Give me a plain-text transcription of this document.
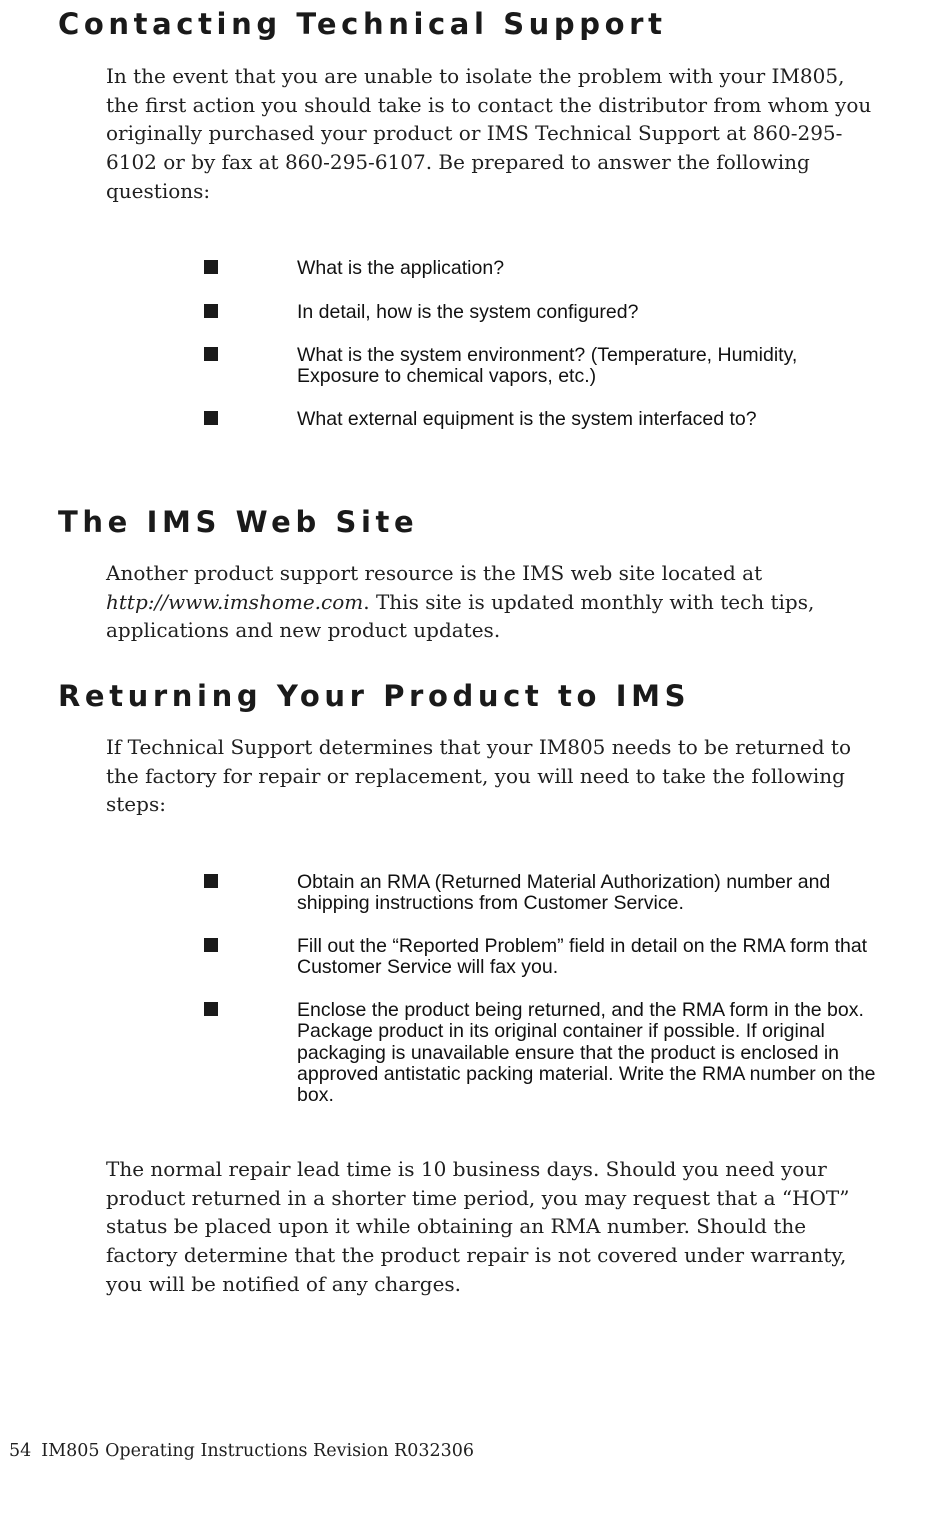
Contacting Technical Support

In the event that you are unable to isolate the problem with your IM805, the first action you should take is to contact the distributor from whom you originally purchased your product or IMS Technical Support at 860-295-6102 or by fax at 860-295-6107. Be prepared to answer the following questions:

What is the application?

In detail, how is the system configured?

What is the system environment? (Temperature, Humidity, Exposure to chemical vapors, etc.)

What external equipment is the system interfaced to?

The IMS Web Site

Another product support resource is the IMS web site located at http://www.imshome.com. This site is updated monthly with tech tips, applications and new product updates.

Returning Your Product to IMS

If Technical Support determines that your IM805 needs to be returned to the factory for repair or replacement, you will need to take the following steps:

Obtain an RMA (Returned Material Authorization) number and shipping instructions from Customer Service.

Fill out the “Reported Problem” field in detail on the RMA form that Customer Service will fax you.

Enclose the product being returned, and the RMA form in the box. Package product in its original container if possible. If original packaging is unavailable ensure that the product is enclosed in approved antistatic packing material. Write the RMA number on the box.

The normal repair lead time is 10 business days. Should you need your product returned in a shorter time period, you may request that a “HOT” status be placed upon it while obtaining an RMA number. Should the factory determine that the product repair is not covered under warranty, you will be notified of any charges.

54 IM805 Operating Instructions Revision R032306
